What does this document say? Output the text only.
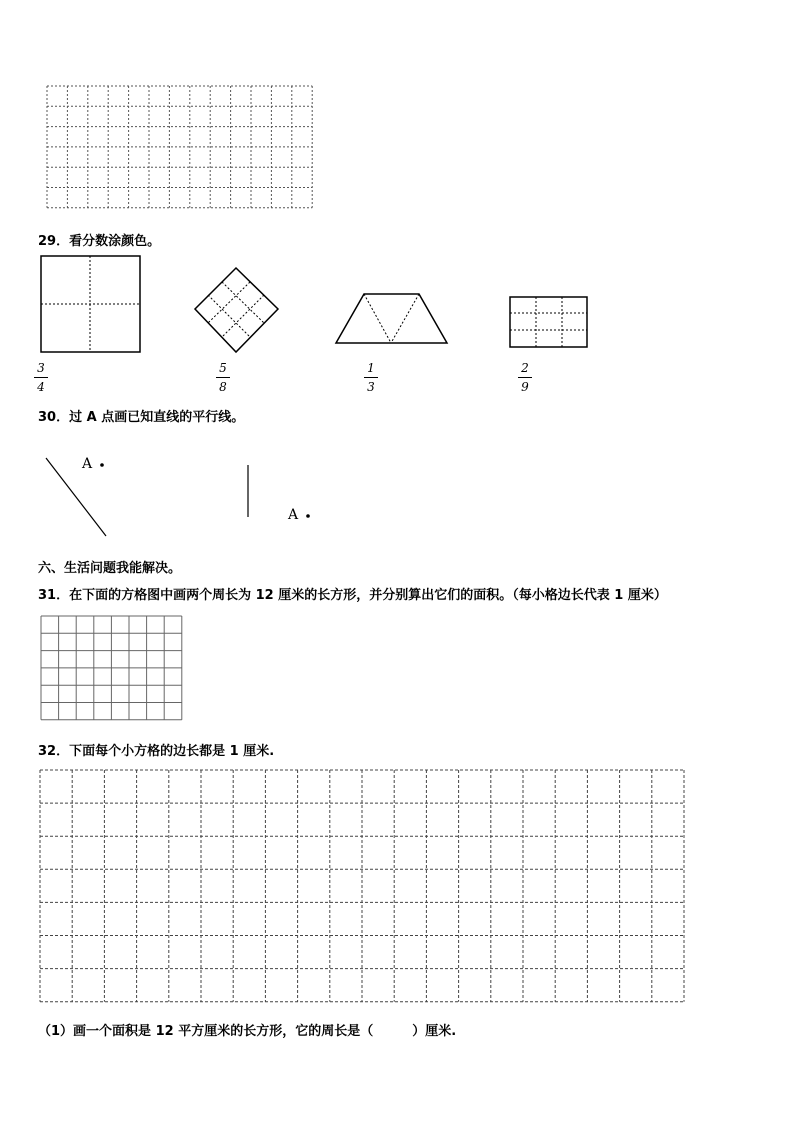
29．看分数涂颜色。
3
4
5
8
1
3
2
9
30．过 A 点画已知直线的平行线。
A
A
六、生活问题我能解决。
31．在下面的方格图中画两个周长为 12 厘米的长方形，并分别算出它们的面积。（每小格边长代表 1 厘米）
32．下面每个小方格的边长都是 1 厘米.
（1）画一个面积是 12 平方厘米的长方形，它的周长是（　　　）厘米.
